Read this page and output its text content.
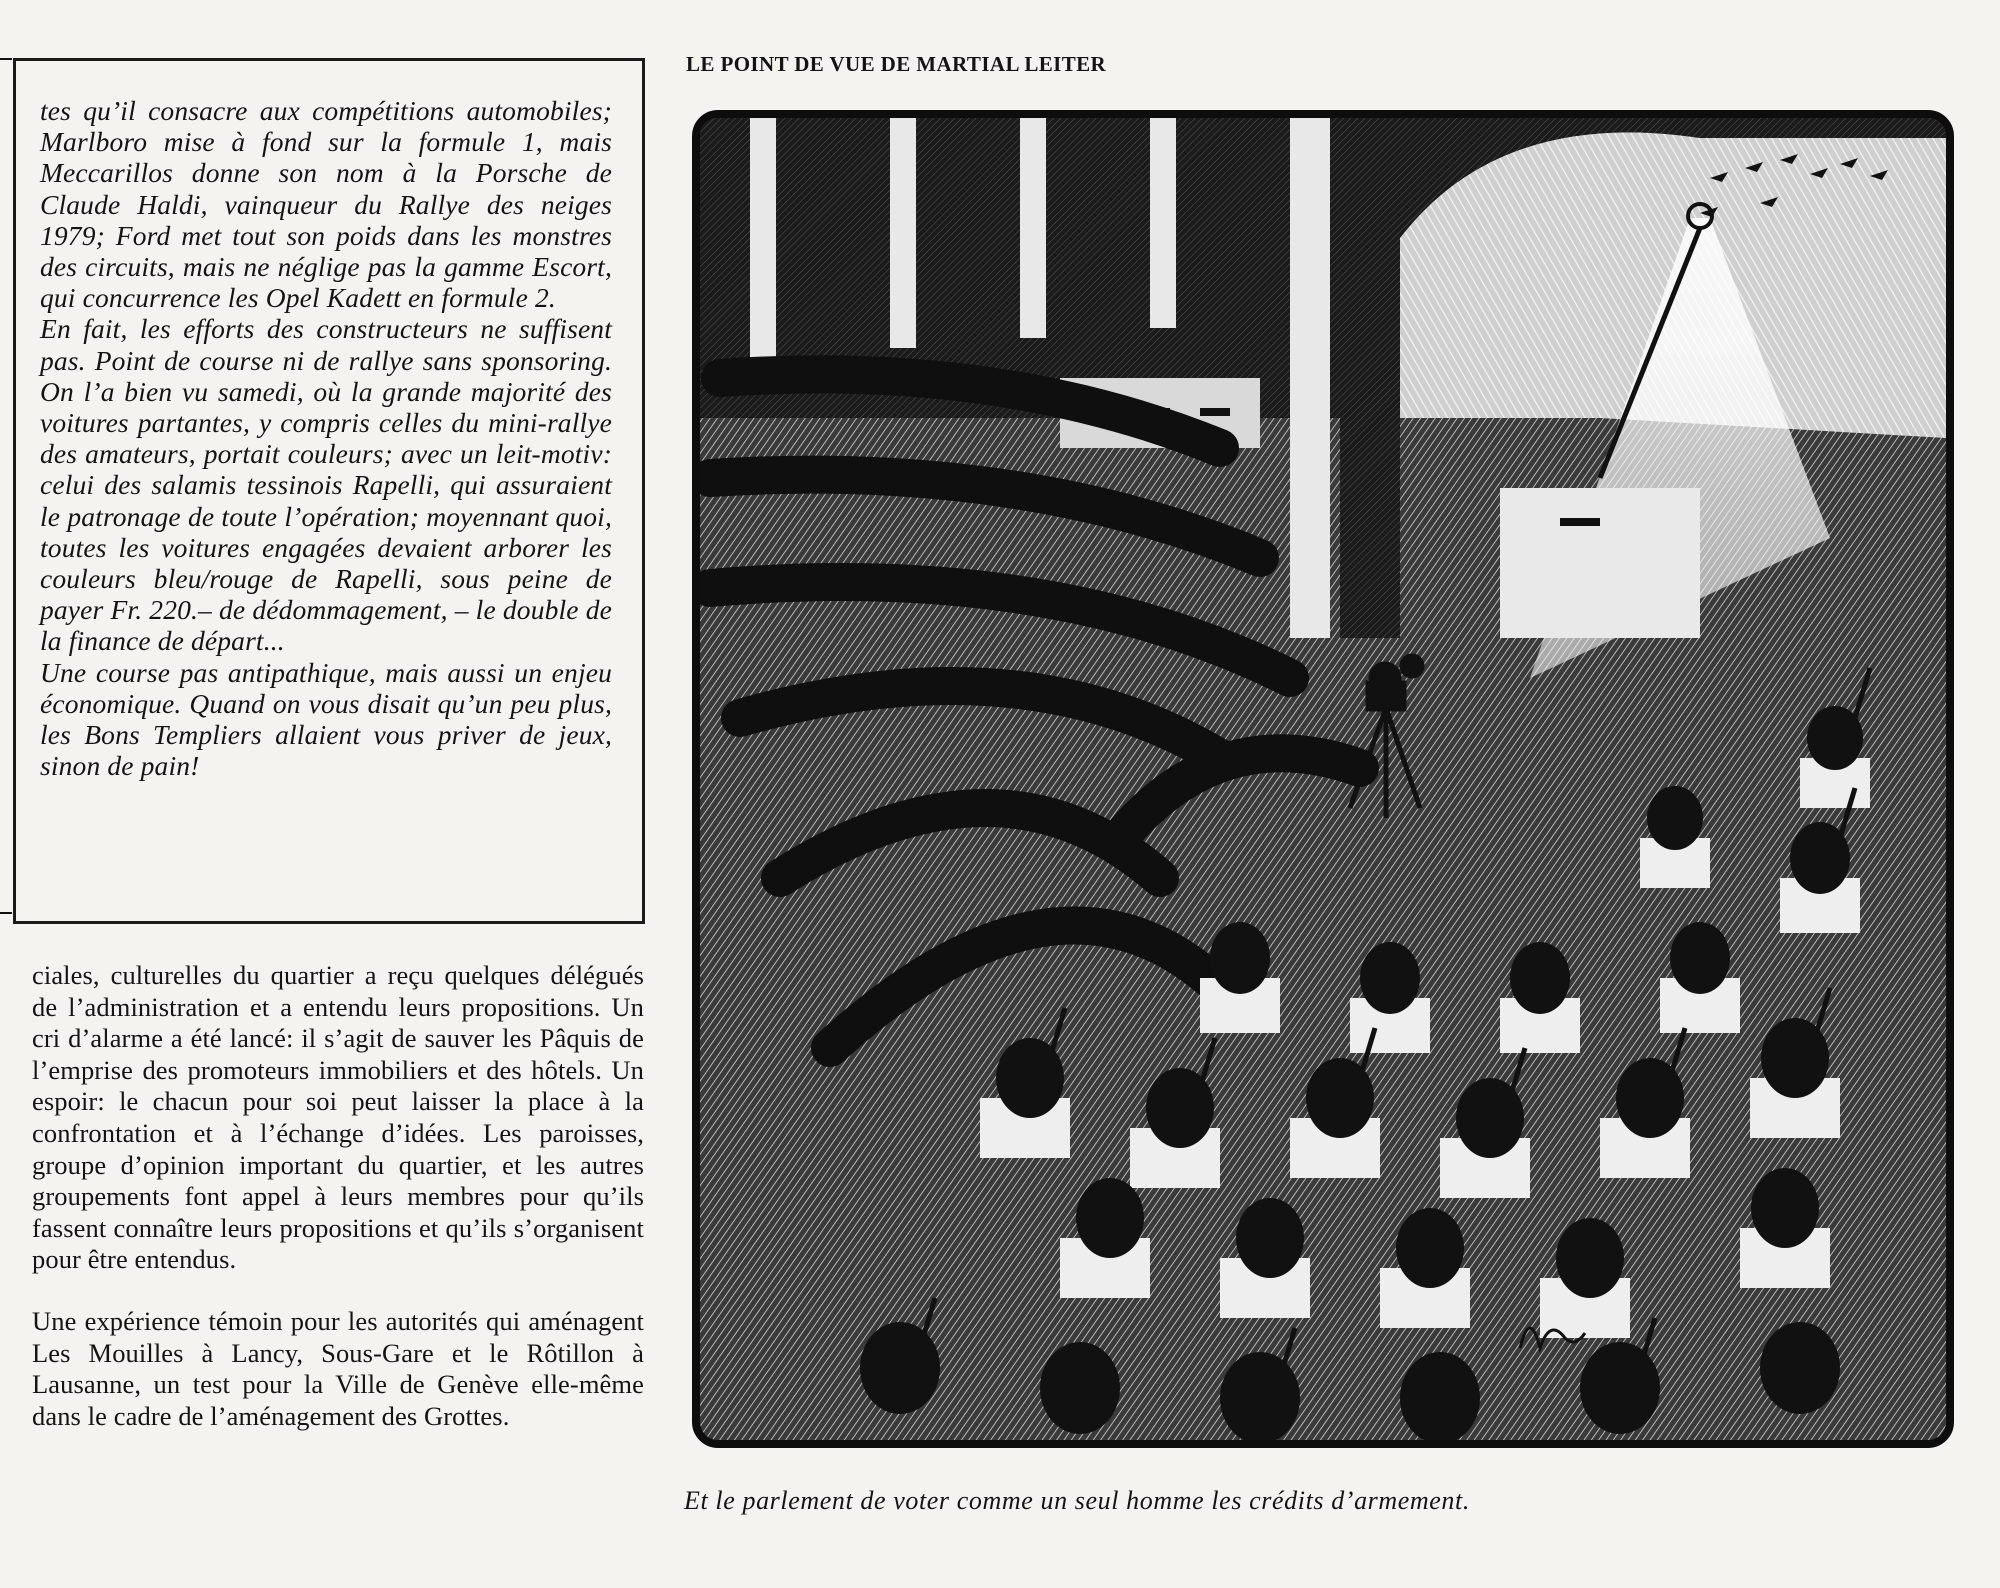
tes qu’il consacre aux compétitions automobiles; Marlboro mise à fond sur la formule 1, mais Meccarillos donne son nom à la Porsche de Claude Haldi, vainqueur du Rallye des neiges 1979; Ford met tout son poids dans les monstres des circuits, mais ne néglige pas la gamme Escort, qui concurrence les Opel Kadett en formule 2.

En fait, les efforts des constructeurs ne suffisent pas. Point de course ni de rallye sans sponsoring. On l’a bien vu samedi, où la grande majorité des voitures partantes, y compris celles du mini-rallye des amateurs, portait couleurs; avec un leit-motiv: celui des salamis tessinois Rapelli, qui assuraient le patronage de toute l’opération; moyennant quoi, toutes les voitures engagées devaient arborer les couleurs bleu/rouge de Rapelli, sous peine de payer Fr. 220.– de dédommagement, – le double de la finance de départ...

Une course pas antipathique, mais aussi un enjeu économique. Quand on vous disait qu’un peu plus, les Bons Templiers allaient vous priver de jeux, sinon de pain!

ciales, culturelles du quartier a reçu quelques délégués de l’administration et a entendu leurs propositions. Un cri d’alarme a été lancé: il s’agit de sauver les Pâquis de l’emprise des promoteurs immobiliers et des hôtels. Un espoir: le chacun pour soi peut laisser la place à la confrontation et à l’échange d’idées. Les paroisses, groupe d’opinion important du quartier, et les autres groupements font appel à leurs membres pour qu’ils fassent connaître leurs propositions et qu’ils s’organisent pour être entendus.

Une expérience témoin pour les autorités qui aménagent Les Mouilles à Lancy, Sous-Gare et le Rôtillon à Lausanne, un test pour la Ville de Genève elle-même dans le cadre de l’aménagement des Grottes.

LE POINT DE VUE DE MARTIAL LEITER
Et le parlement de voter comme un seul homme les crédits d’armement.
